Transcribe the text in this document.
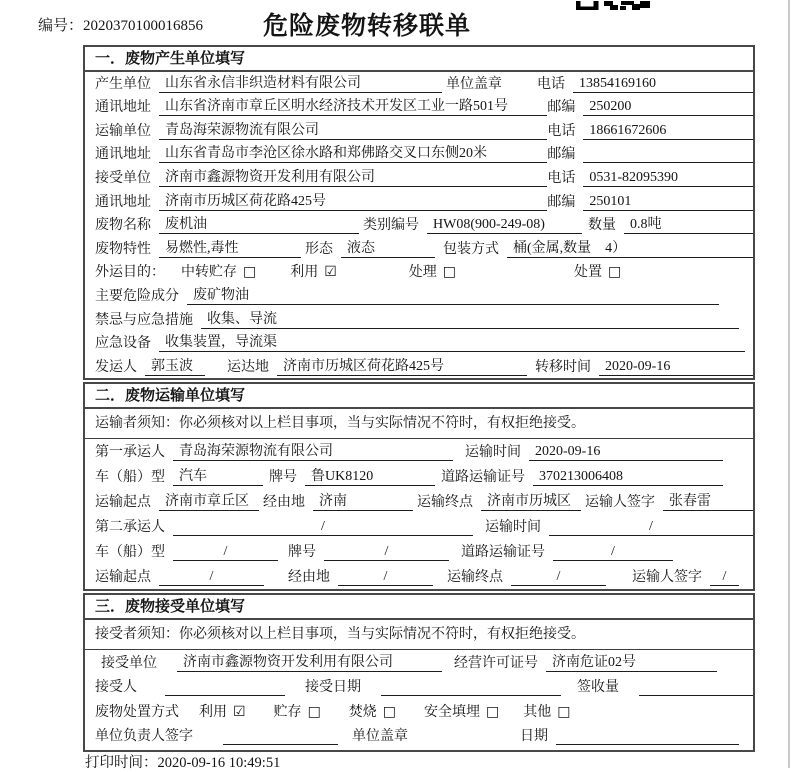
编号：2020370100016856	危险废物转移联单
一．废物产生单位填写
产生单位	山东省永信非织造材料有限公司	单位盖章	电话	13854169160
通讯地址	山东省济南市章丘区明水经济技术开发区工业一路501号	邮编	250200
运输单位	青岛海荣源物流有限公司	电话	18661672606
通讯地址	山东省青岛市李沧区徐水路和郑佛路交叉口东侧20米	邮编
接受单位	济南市鑫源物资开发利用有限公司	电话	0531-82095390
通讯地址	济南市历城区荷花路425号	邮编	250101
废物名称	废机油	类别编号	HW08(900-249-08)	数量	0.8吨
废物特性	易燃性,毒性	形态	液态	包装方式	桶(金属,数量　4）
外运目的： 中转贮存 □ 利用 ☑	处理 □	处置 □
主要危险成分	废矿物油
禁忌与应急措施	收集、导流
应急设备	收集装置，导流渠
发运人	郭玉波	运达地	济南市历城区荷花路425号	转移时间	2020-09-16
二．废物运输单位填写
运输者须知：你必须核对以上栏目事项，当与实际情况不符时，有权拒绝接受。
第一承运人	青岛海荣源物流有限公司	运输时间	2020-09-16
车（船）型	汽车	牌号	鲁UK8120	道路运输证号	370213006408
运输起点	济南市章丘区	经由地	济南	运输终点	济南市历城区	运输人签字	张春雷
第二承运人	/	运输时间	/
车（船）型	/	牌号	/	道路运输证号	/
运输起点	/	经由地	/	运输终点	/	运输人签字	/
三．废物接受单位填写
接受者须知：你必须核对以上栏目事项，当与实际情况不符时，有权拒绝接受。
接受单位	济南市鑫源物资开发利用有限公司	经营许可证号	济南危证02号
接受人	接受日期	签收量
废物处置方式 利用 ☑ 贮存 □ 焚烧 □ 安全填埋 □ 其他 □
单位负责人签字	单位盖章	日期
打印时间：2020-09-16 10:49:51
